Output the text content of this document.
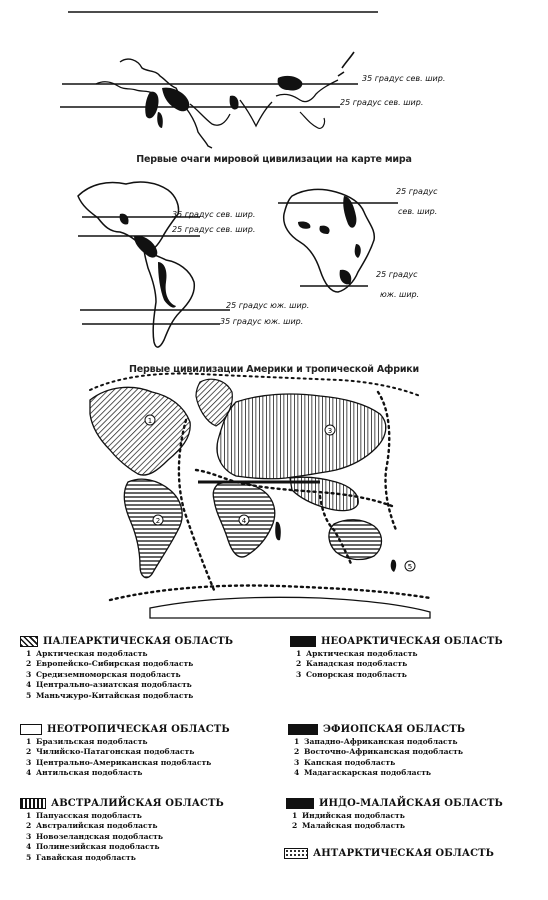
1
2
3
4
5
35 градус сев. шир.
25 градус сев. шир.
Первые очаги мировой цивилизации на карте мира
35 градус сев. шир.
25 градус сев. шир.
25 градус юж. шир.
35 градус юж. шир.
25 градус
сев. шир.
25 градус
юж. шир.
Первые цивилизации Америки и тропической Африки
ПАЛЕАРКТИЧЕСКАЯ ОБЛАСТЬ
1 Арктическая подобласть
2 Европейско-Сибирская подобласть
3 Средиземноморская подобласть
4 Центрально-азиатская подобласть
5 Маньчжуро-Китайская подобласть
НЕОАРКТИЧЕСКАЯ ОБЛАСТЬ
1 Арктическая подобласть
2 Канадская подобласть
3 Сонорская подобласть
НЕОТРОПИЧЕСКАЯ ОБЛАСТЬ
1 Бразильская подобласть
2 Чилийско-Патагонская подобласть
3 Центрально-Американская подобласть
4 Антильская подобласть
ЭФИОПСКАЯ ОБЛАСТЬ
1 Западно-Африканская подобласть
2 Восточно-Африканская подобласть
3 Капская подобласть
4 Мадагаскарская подобласть
АВСТРАЛИЙСКАЯ ОБЛАСТЬ
1 Папуасская подобласть
2 Австралийская подобласть
3 Новозеландская подобласть
4 Полинезийская подобласть
5 Гавайская подобласть
ИНДО-МАЛАЙСКАЯ ОБЛАСТЬ
1 Индийская подобласть
2 Малайская подобласть
АНТАРКТИЧЕСКАЯ ОБЛАСТЬ
